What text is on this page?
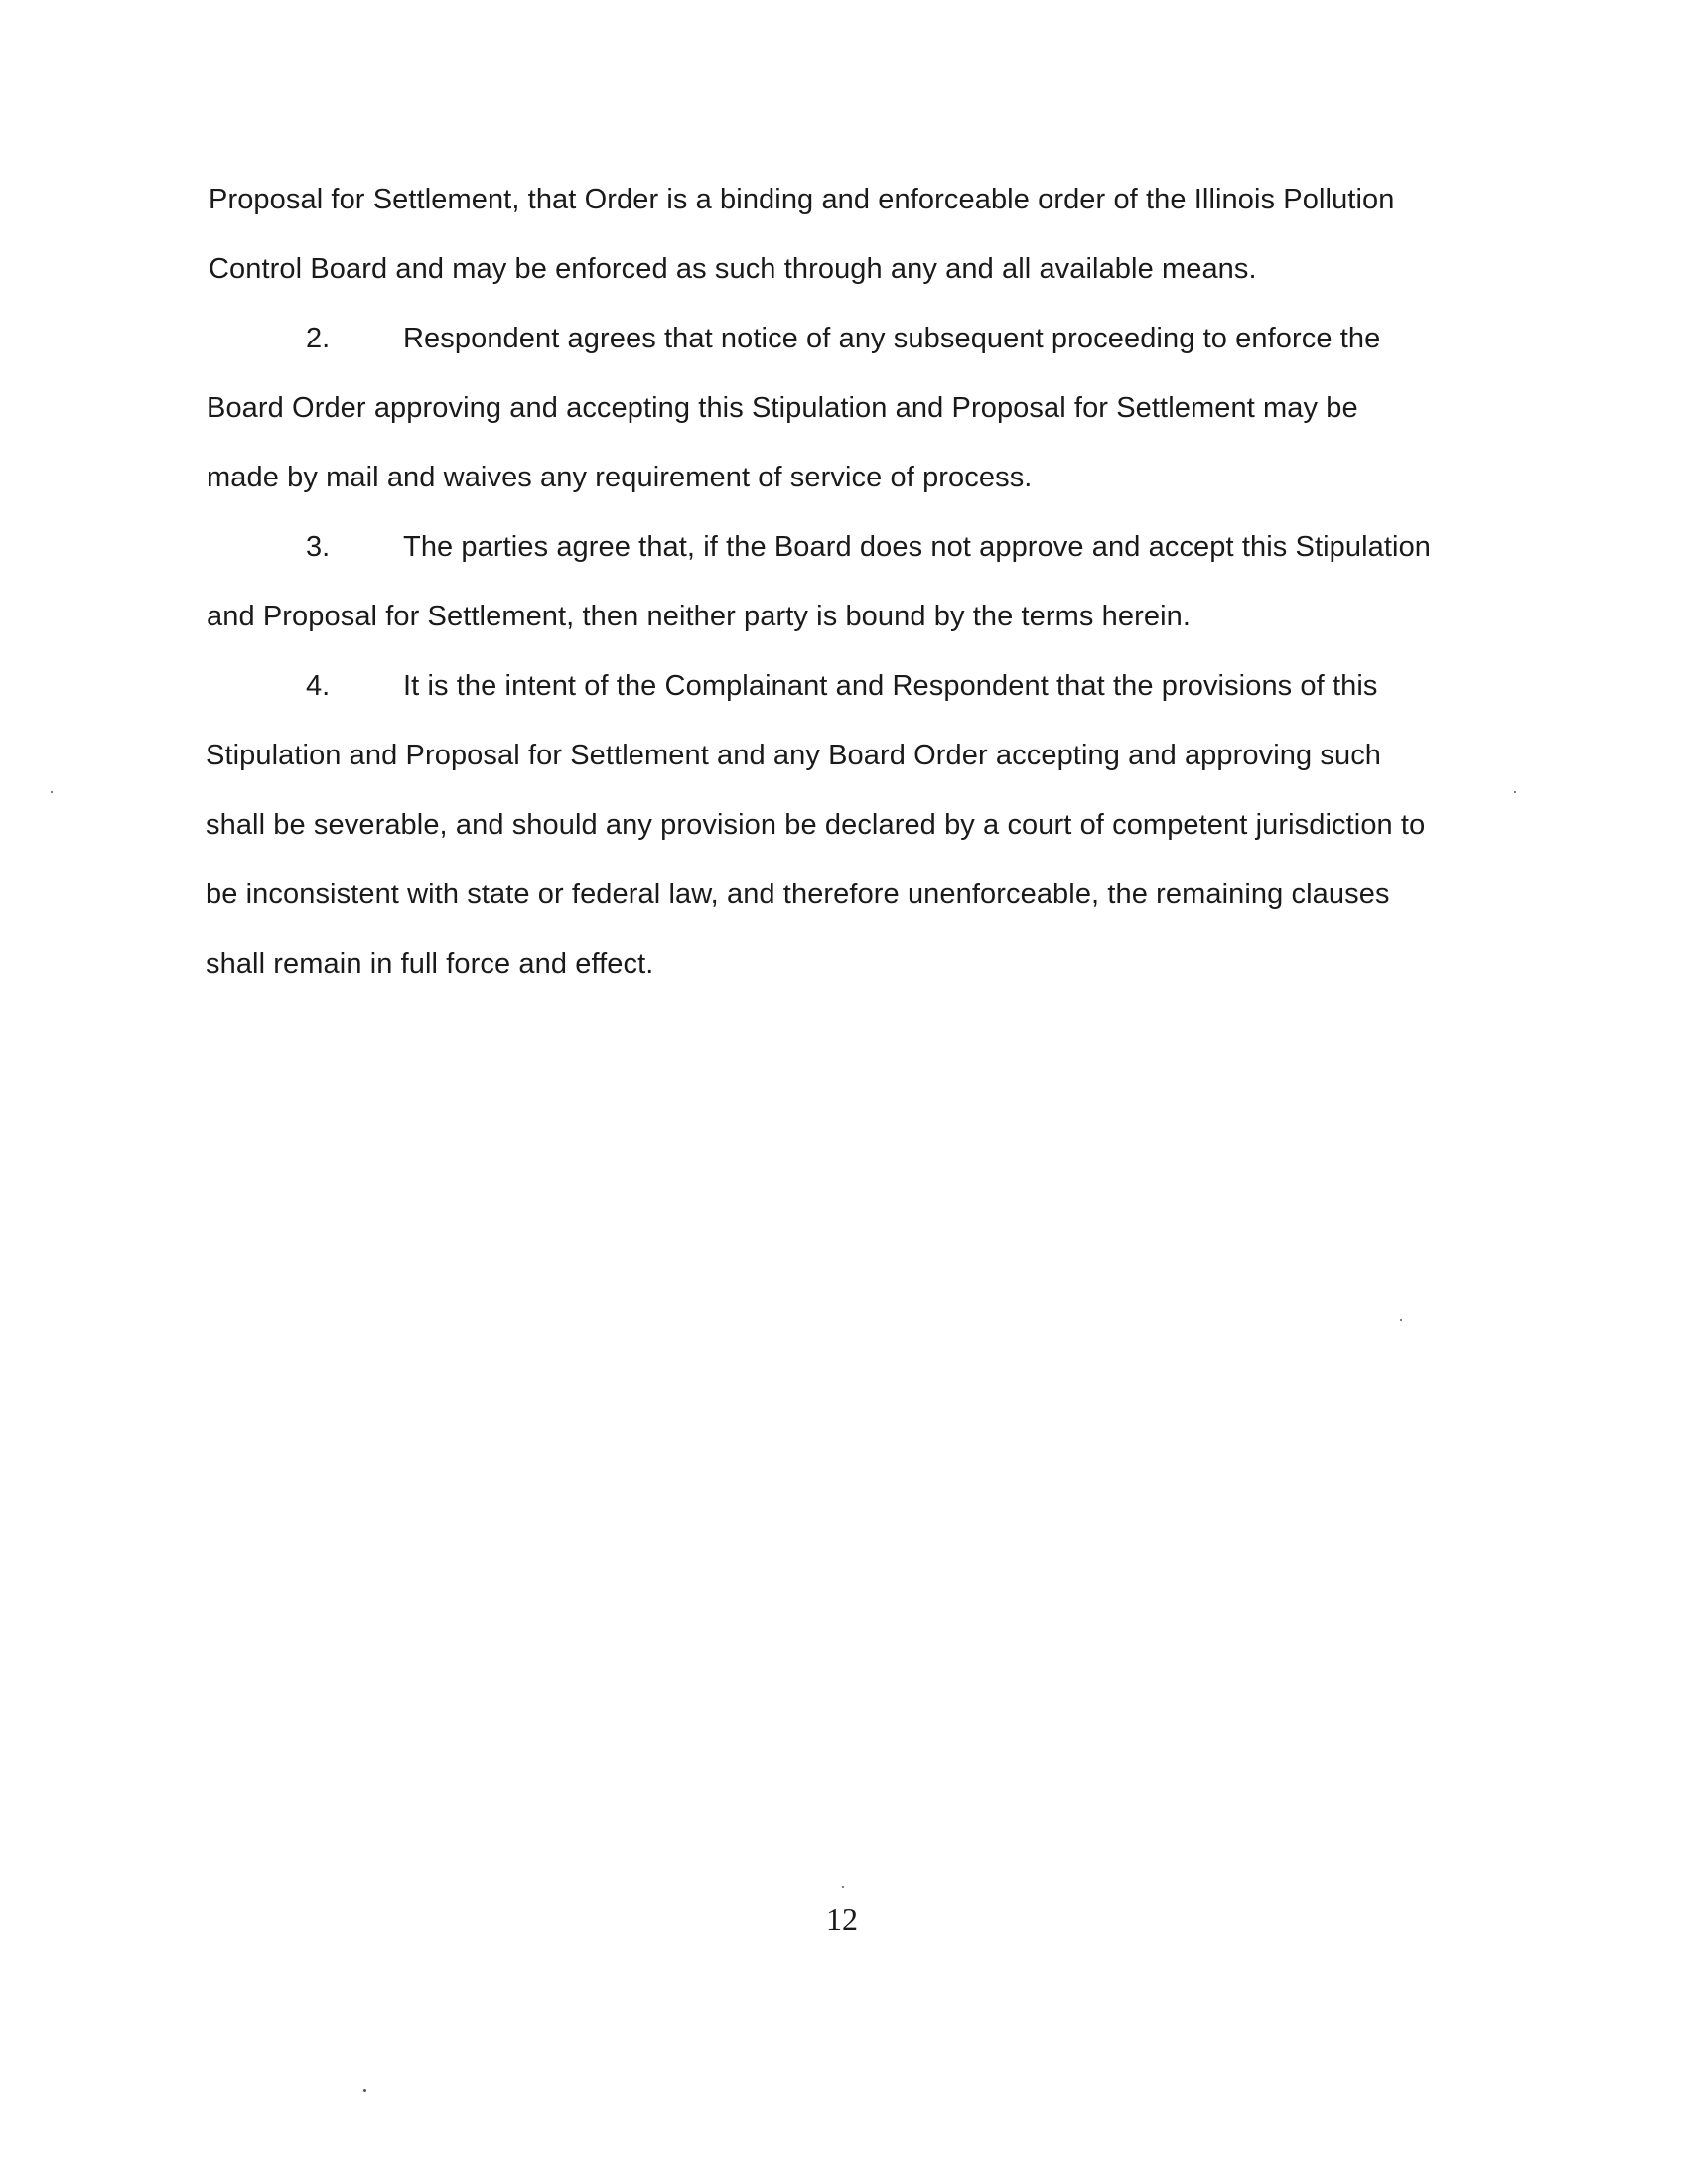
Proposal for Settlement, that Order is a binding and enforceable order of the Illinois Pollution
Control Board and may be enforced as such through any and all available means.
2.	Respondent agrees that notice of any subsequent proceeding to enforce the
Board Order approving and accepting this Stipulation and Proposal for Settlement may be
made by mail and waives any requirement of service of process.
3.	The parties agree that, if the Board does not approve and accept this Stipulation
and Proposal for Settlement, then neither party is bound by the terms herein.
4.	It is the intent of the Complainant and Respondent that the provisions of this
Stipulation and Proposal for Settlement and any Board Order accepting and approving such
shall be severable, and should any provision be declared by a court of competent jurisdiction to
be inconsistent with state or federal law, and therefore unenforceable, the remaining clauses
shall remain in full force and effect.
12
